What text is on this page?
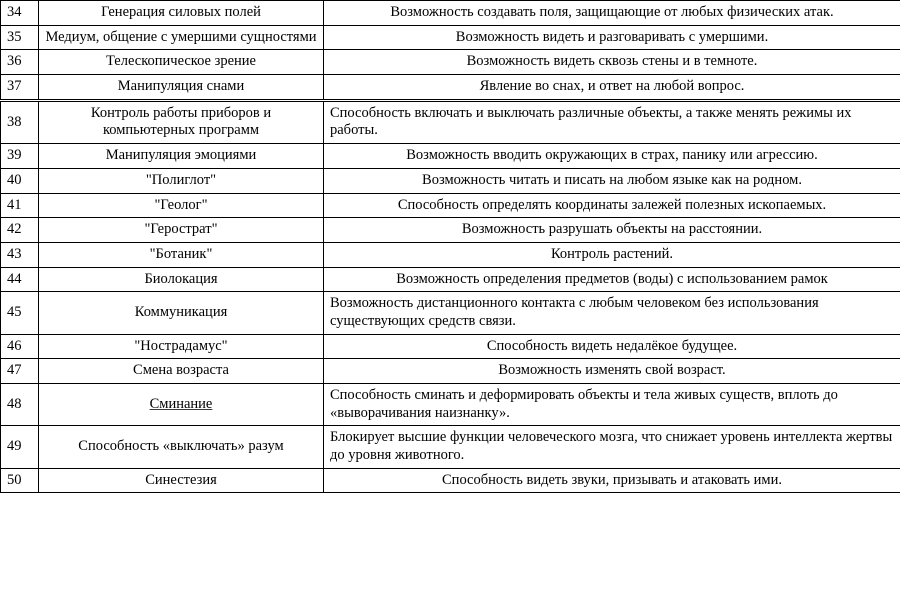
34	Генерация силовых полей	Возможность создавать поля, защищающие от любых физических атак.
35	Медиум, общение с умершими сущностями	Возможность видеть и разговаривать с умершими.
36	Телескопическое зрение	Возможность видеть сквозь стены и в темноте.
37	Манипуляция снами	Явление во снах, и ответ на любой вопрос.
38	Контроль работы приборов и компьютерных программ	Способность включать и выключать различные объекты, а также менять режимы их работы.
39	Манипуляция эмоциями	Возможность вводить окружающих в страх, панику или агрессию.
40	"Полиглот"	Возможность читать и писать на любом языке как на родном.
41	"Геолог"	Способность определять координаты залежей полезных ископаемых.
42	"Герострат"	Возможность разрушать объекты на расстоянии.
43	"Ботаник"	Контроль растений.
44	Биолокация	Возможность определения предметов (воды) с использованием рамок
45	Коммуникация	Возможность дистанционного контакта с любым человеком без использования существующих средств связи.
46	"Нострадамус"	Способность видеть недалёкое будущее.
47	Смена возраста	Возможность изменять свой возраст.
48	Сминание	Способность сминать и деформировать объекты и тела живых существ, вплоть до «выворачивания наизнанку».
49	Способность «выключать» разум	Блокирует высшие функции человеческого мозга, что снижает уровень интеллекта жертвы до уровня животного.
50	Синестезия	Способность видеть звуки, призывать и атаковать ими.
